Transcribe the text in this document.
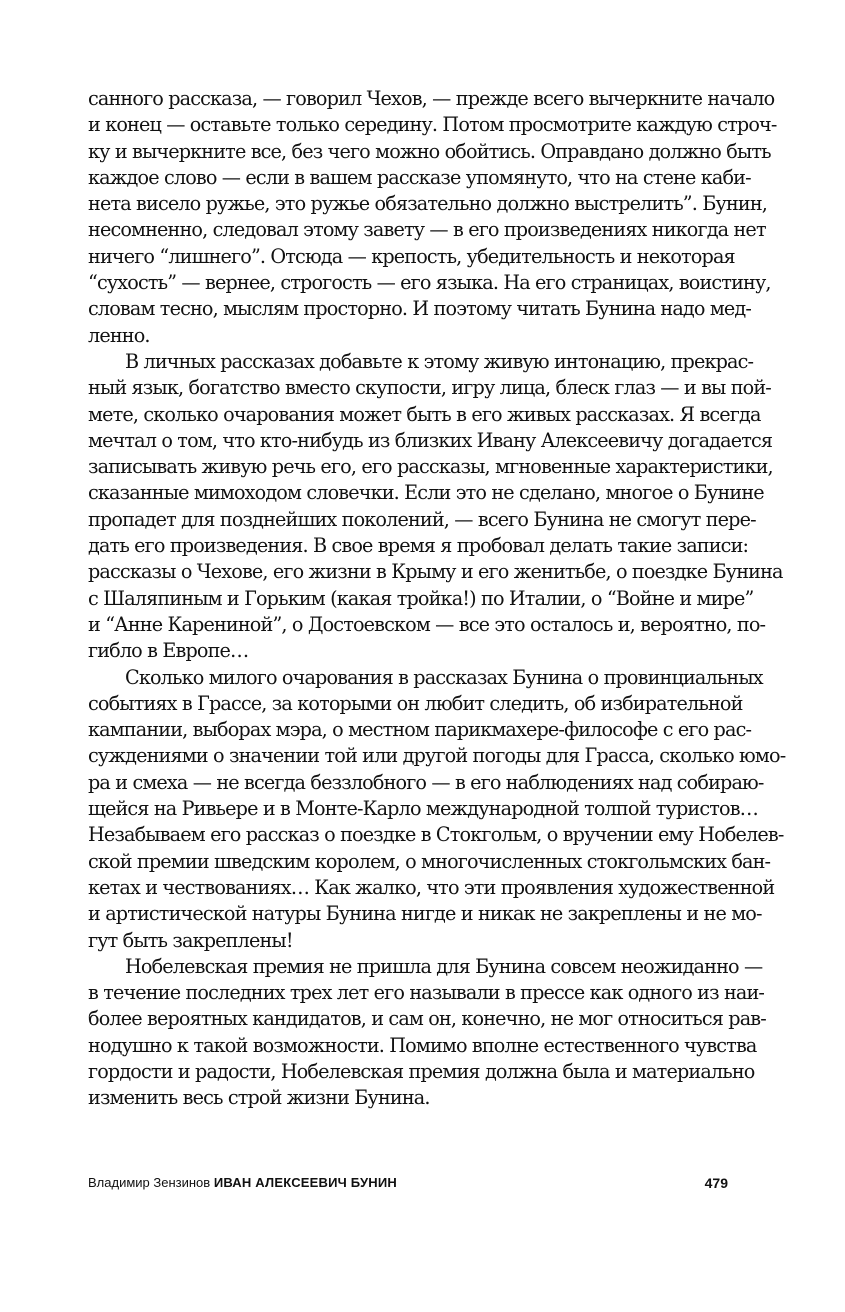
санного рассказа, — говорил Чехов, — прежде всего вычеркните начало
и конец — оставьте только середину. Потом просмотрите каждую строч-
ку и вычеркните все, без чего можно обойтись. Оправдано должно быть
каждое слово — если в вашем рассказе упомянуто, что на стене каби-
нета висело ружье, это ружье обязательно должно выстрелить”. Бунин,
несомненно, следовал этому завету — в его произведениях никогда нет
ничего “лишнего”. Отсюда — крепость, убедительность и некоторая
“сухость” — вернее, строгость — его языка. На его страницах, воистину,
словам тесно, мыслям просторно. И поэтому читать Бунина надо мед-
ленно.
В личных рассказах добавьте к этому живую интонацию, прекрас-
ный язык, богатство вместо скупости, игру лица, блеск глаз — и вы пой-
мете, сколько очарования может быть в его живых рассказах. Я всегда
мечтал о том, что кто-нибудь из близких Ивану Алексеевичу догадается
записывать живую речь его, его рассказы, мгновенные характеристики,
сказанные мимоходом словечки. Если это не сделано, многое о Бунине
пропадет для позднейших поколений, — всего Бунина не смогут пере-
дать его произведения. В свое время я пробовал делать такие записи:
рассказы о Чехове, его жизни в Крыму и его женитьбе, о поездке Бунина
с Шаляпиным и Горьким (какая тройка!) по Италии, о “Войне и мире”
и “Анне Карениной”, о Достоевском — все это осталось и, вероятно, по-
гибло в Европе…
Сколько милого очарования в рассказах Бунина о провинциальных
событиях в Грассе, за которыми он любит следить, об избирательной
кампании, выборах мэра, о местном парикмахере-философе с его рас-
суждениями о значении той или другой погоды для Грасса, сколько юмо-
ра и смеха — не всегда беззлобного — в его наблюдениях над собираю-
щейся на Ривьере и в Монте-Карло международной толпой туристов…
Незабываем его рассказ о поездке в Стокгольм, о вручении ему Нобелев-
ской премии шведским королем, о многочисленных стокгольмских бан-
кетах и чествованиях… Как жалко, что эти проявления художественной
и артистической натуры Бунина нигде и никак не закреплены и не мо-
гут быть закреплены!
Нобелевская премия не пришла для Бунина совсем неожиданно —
в течение последних трех лет его называли в прессе как одного из наи-
более вероятных кандидатов, и сам он, конечно, не мог относиться рав-
нодушно к такой возможности. Помимо вполне естественного чувства
гордости и радости, Нобелевская премия должна была и материально
изменить весь строй жизни Бунина.
Владимир Зензинов ИВАН АЛЕКСЕЕВИЧ БУНИН	479
